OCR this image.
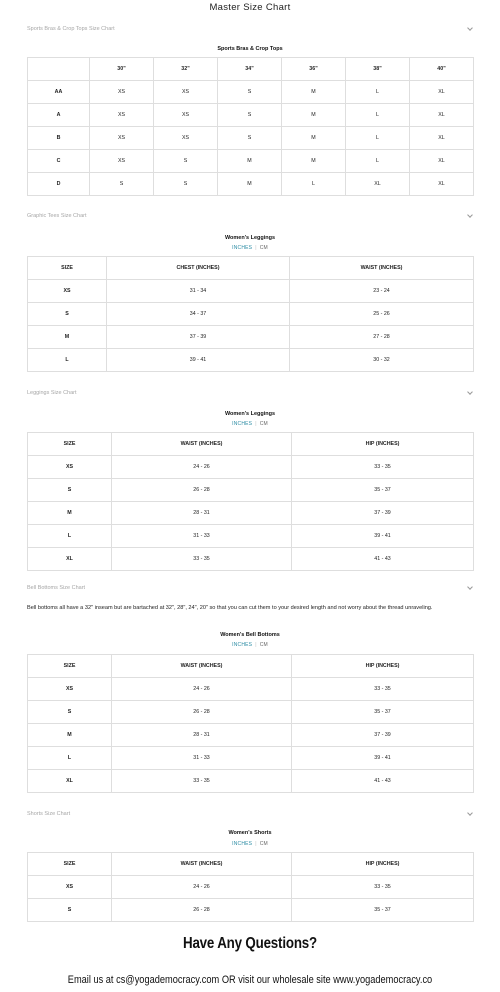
Master Size Chart
Sports Bras & Crop Tops Size Chart
Sports Bras & Crop Tops
	30"	32"	34"	36"	38"	40"
AA	XS	XS	S	M	L	XL
A	XS	XS	S	M	L	XL
B	XS	XS	S	M	L	XL
C	XS	S	M	M	L	XL
D	S	S	M	L	XL	XL
Graphic Tees Size Chart
Women's Leggings
INCHES | CM
SIZE	CHEST (INCHES)	WAIST (INCHES)
XS	31 - 34	23 - 24
S	34 - 37	25 - 26
M	37 - 39	27 - 28
L	39 - 41	30 - 32
Leggings Size Chart
Women's Leggings
INCHES | CM
SIZE	WAIST (INCHES)	HIP (INCHES)
XS	24 - 26	33 - 35
S	26 - 28	35 - 37
M	28 - 31	37 - 39
L	31 - 33	39 - 41
XL	33 - 35	41 - 43
Bell Bottoms Size Chart
Bell bottoms all have a 32" inseam but are bartached at 32", 28", 24", 20" so that you can cut them to your desired length and not worry about the thread unraveling.
Women's Bell Bottoms
INCHES | CM
SIZE	WAIST (INCHES)	HIP (INCHES)
XS	24 - 26	33 - 35
S	26 - 28	35 - 37
M	28 - 31	37 - 39
L	31 - 33	39 - 41
XL	33 - 35	41 - 43
Shorts Size Chart
Women's Shorts
INCHES | CM
SIZE	WAIST (INCHES)	HIP (INCHES)
XS	24 - 26	33 - 35
S	26 - 28	35 - 37
Have Any Questions?
Email us at cs@yogademocracy.com OR visit our wholesale site www.yogademocracy.co
